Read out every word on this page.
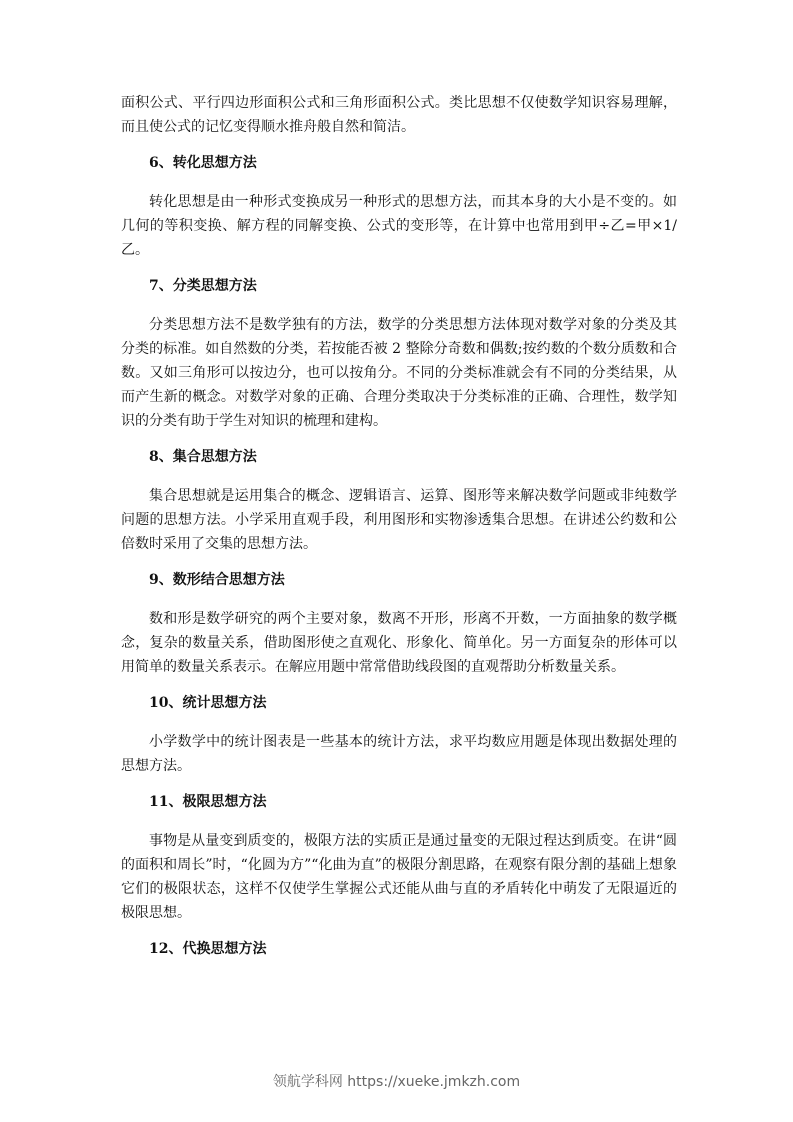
面积公式、平行四边形面积公式和三角形面积公式。类比思想不仅使数学知识容易理解，而且使公式的记忆变得顺水推舟般自然和简洁。

6、转化思想方法

转化思想是由一种形式变换成另一种形式的思想方法，而其本身的大小是不变的。如几何的等积变换、解方程的同解变换、公式的变形等，在计算中也常用到甲÷乙=甲×1/乙。

7、分类思想方法

分类思想方法不是数学独有的方法，数学的分类思想方法体现对数学对象的分类及其分类的标准。如自然数的分类，若按能否被 2 整除分奇数和偶数;按约数的个数分质数和合数。又如三角形可以按边分，也可以按角分。不同的分类标准就会有不同的分类结果，从而产生新的概念。对数学对象的正确、合理分类取决于分类标准的正确、合理性，数学知识的分类有助于学生对知识的梳理和建构。

8、集合思想方法

集合思想就是运用集合的概念、逻辑语言、运算、图形等来解决数学问题或非纯数学问题的思想方法。小学采用直观手段，利用图形和实物渗透集合思想。在讲述公约数和公倍数时采用了交集的思想方法。

9、数形结合思想方法

数和形是数学研究的两个主要对象，数离不开形，形离不开数，一方面抽象的数学概念，复杂的数量关系，借助图形使之直观化、形象化、简单化。另一方面复杂的形体可以用简单的数量关系表示。在解应用题中常常借助线段图的直观帮助分析数量关系。

10、统计思想方法

小学数学中的统计图表是一些基本的统计方法，求平均数应用题是体现出数据处理的思想方法。

11、极限思想方法

事物是从量变到质变的，极限方法的实质正是通过量变的无限过程达到质变。在讲“圆的面积和周长”时，“化圆为方”“化曲为直”的极限分割思路，在观察有限分割的基础上想象它们的极限状态，这样不仅使学生掌握公式还能从曲与直的矛盾转化中萌发了无限逼近的极限思想。

12、代换思想方法
领航学科网 https://xueke.jmkzh.com
